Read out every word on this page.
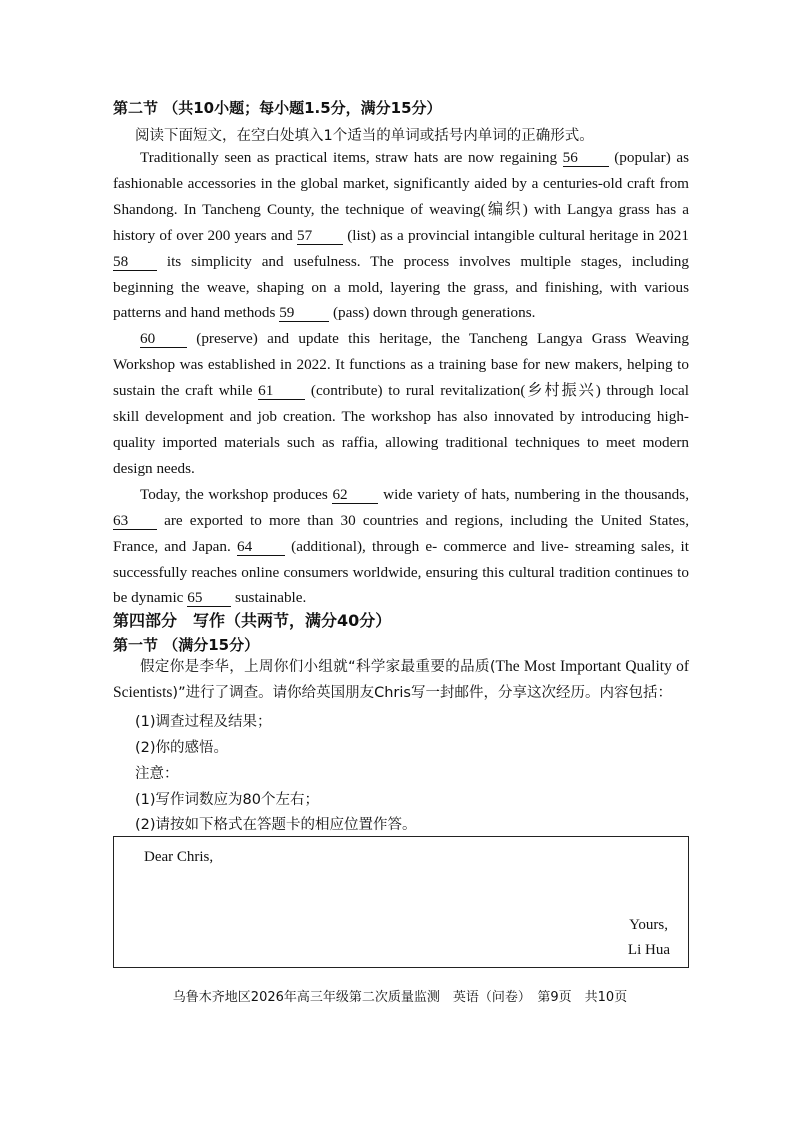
第二节 （共10小题；每小题1.5分，满分15分）
阅读下面短文，在空白处填入1个适当的单词或括号内单词的正确形式。

Traditionally seen as practical items, straw hats are now regaining 56 (popular) as fashionable accessories in the global market, significantly aided by a centuries-old craft from Shandong. In Tancheng County, the technique of weaving(编织) with Langya grass has a history of over 200 years and 57 (list) as a provincial intangible cultural heritage in 2021 58 its simplicity and usefulness. The process involves multiple stages, including beginning the weave, shaping on a mold, layering the grass, and finishing, with various patterns and hand methods 59 (pass) down through generations.

60 (preserve) and update this heritage, the Tancheng Langya Grass Weaving Workshop was established in 2022. It functions as a training base for new makers, helping to sustain the craft while 61 (contribute) to rural revitalization(乡村振兴) through local skill development and job creation. The workshop has also innovated by introducing high-quality imported materials such as raffia, allowing traditional techniques to meet modern design needs.

Today, the workshop produces 62 wide variety of hats, numbering in the thousands, 63 are exported to more than 30 countries and regions, including the United States, France, and Japan. 64 (additional), through e- commerce and live- streaming sales, it successfully reaches online consumers worldwide, ensuring this cultural tradition continues to be dynamic 65 sustainable.

第四部分　写作（共两节，满分40分）
第一节 （满分15分）
假定你是李华，上周你们小组就“科学家最重要的品质(The Most Important Quality of Scientists)”进行了调查。请你给英国朋友Chris写一封邮件，分享这次经历。内容包括：
(1)调查过程及结果；
(2)你的感悟。
注意：
(1)写作词数应为80个左右；
(2)请按如下格式在答题卡的相应位置作答。
Dear Chris,
Yours,
Li Hua
乌鲁木齐地区2026年高三年级第二次质量监测　英语（问卷）　第9页　共10页
